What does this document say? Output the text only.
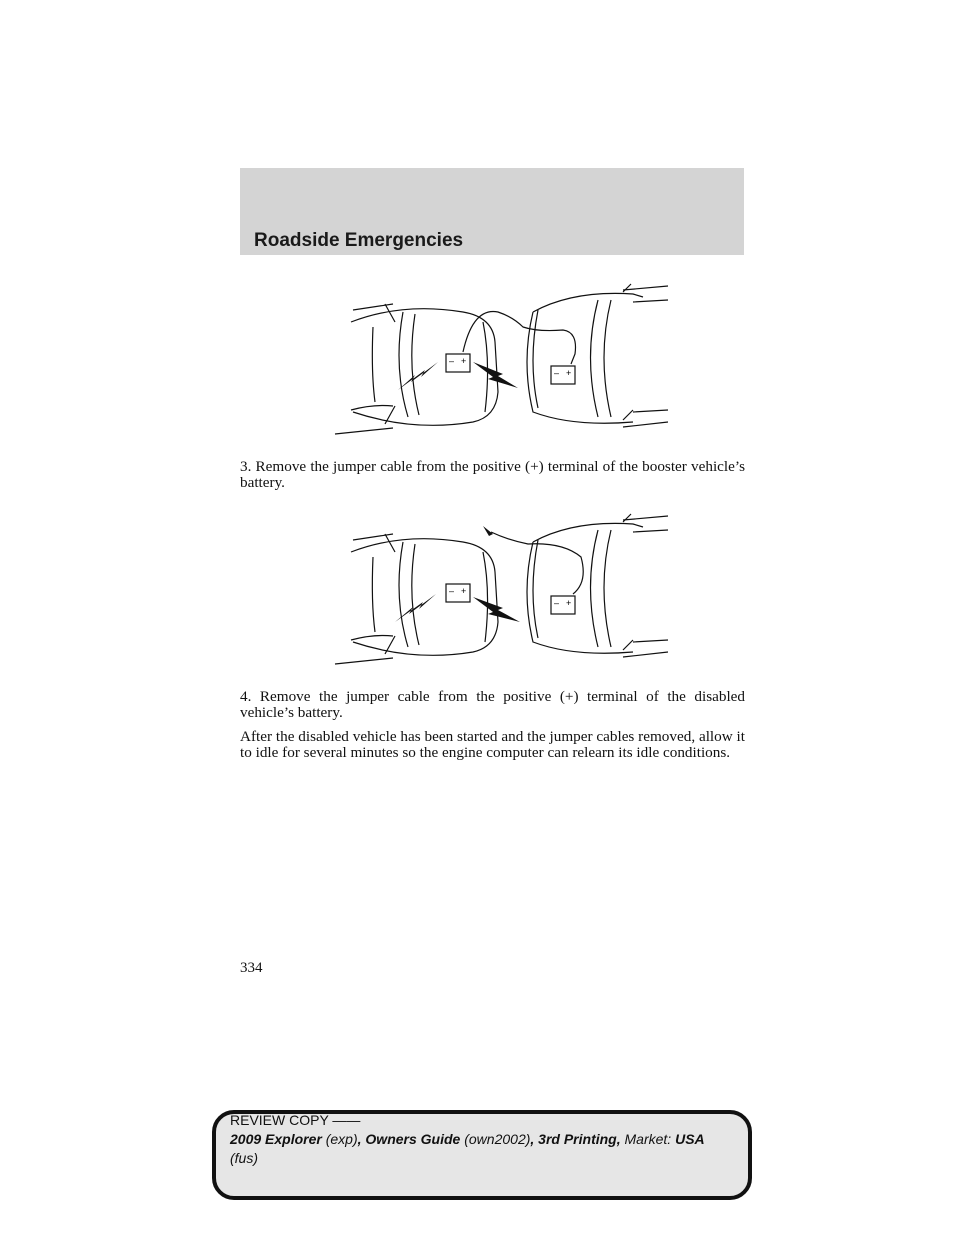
Roadside Emergencies
– +
– +

3. Remove the jumper cable from the positive (+) terminal of the booster vehicle’s battery.

– +
– +

4. Remove the jumper cable from the positive (+) terminal of the disabled vehicle’s battery.

After the disabled vehicle has been started and the jumper cables removed, allow it to idle for several minutes so the engine computer can relearn its idle conditions.

334
REVIEW COPY ——
2009 Explorer (exp), Owners Guide (own2002), 3rd Printing, Market: USA
(fus)
